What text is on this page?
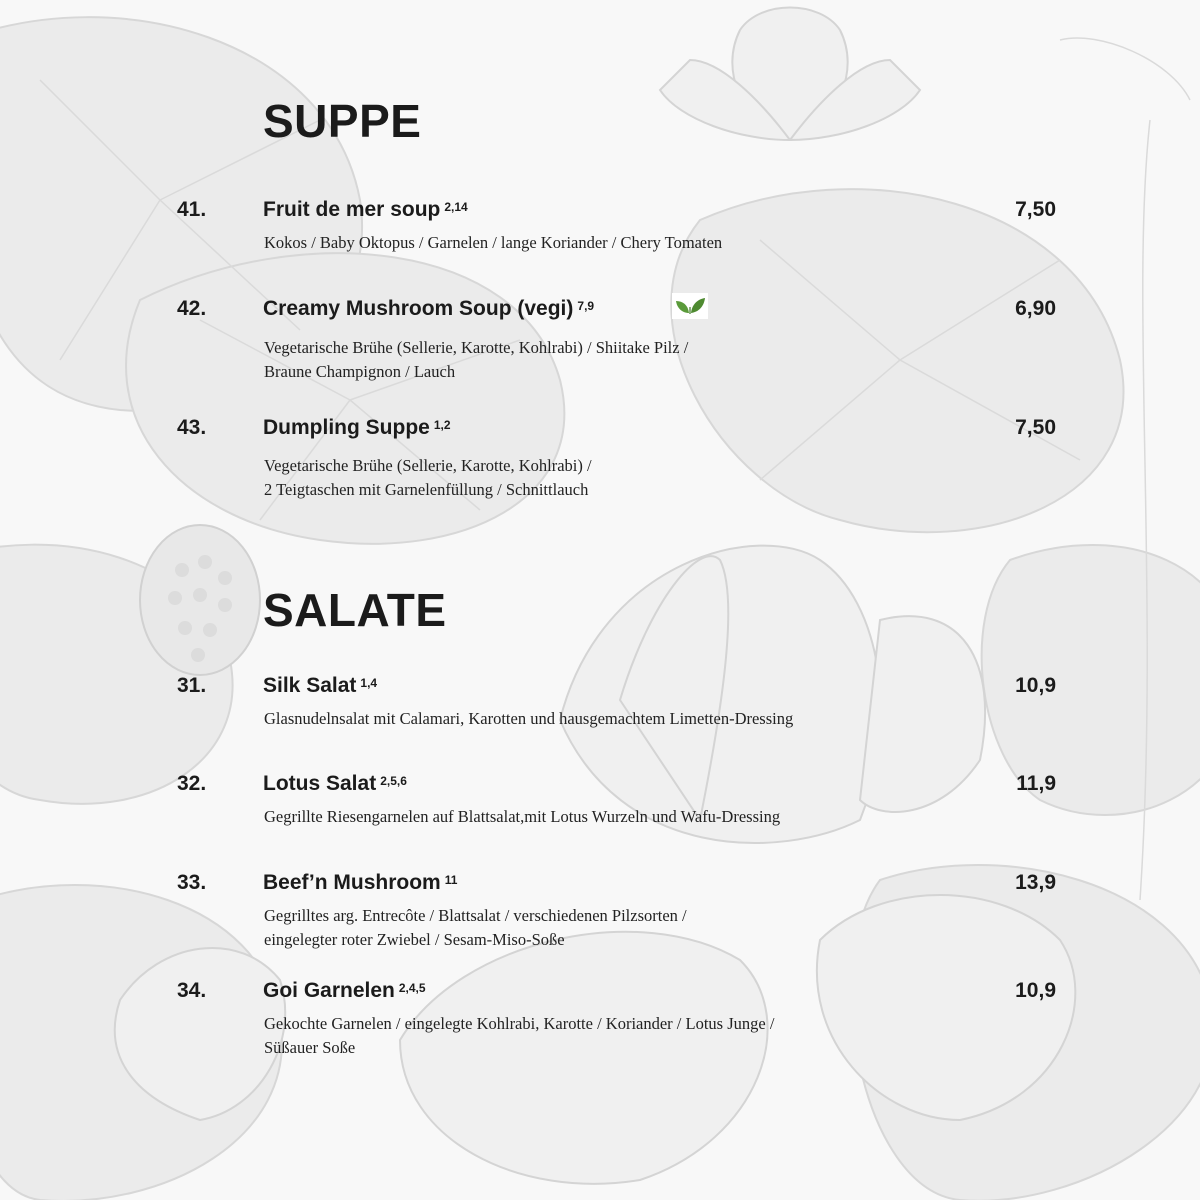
SUPPE
41.	Fruit de mer soup $^{2,14}$	7,50
Kokos / Baby Oktopus / Garnelen / lange Koriander / Chery Tomaten
42.	Creamy Mushroom Soup (vegi) $^{7,9}$	6,90
Vegetarische Brühe (Sellerie, Karotte, Kohlrabi) / Shiitake Pilz /
Braune Champignon / Lauch
43.	Dumpling Suppe $^{1,2}$	7,50
Vegetarische Brühe (Sellerie, Karotte, Kohlrabi) /
2 Teigtaschen mit Garnelenfüllung / Schnittlauch
SALATE
31.	Silk Salat $^{1,4}$	10,9
Glasnudelnsalat mit Calamari, Karotten und hausgemachtem Limetten-Dressing
32.	Lotus Salat $^{2,5,6}$	11,9
Gegrillte Riesengarnelen auf Blattsalat,mit Lotus Wurzeln und Wafu-Dressing
33.	Beef’n Mushroom $^{11}$	13,9
Gegrilltes arg. Entrecôte / Blattsalat / verschiedenen Pilzsorten /
eingelegter roter Zwiebel / Sesam-Miso-Soße
34.	Goi Garnelen $^{2,4,5}$	10,9
Gekochte Garnelen / eingelegte Kohlrabi, Karotte / Koriander / Lotus Junge /
Süßauer Soße
